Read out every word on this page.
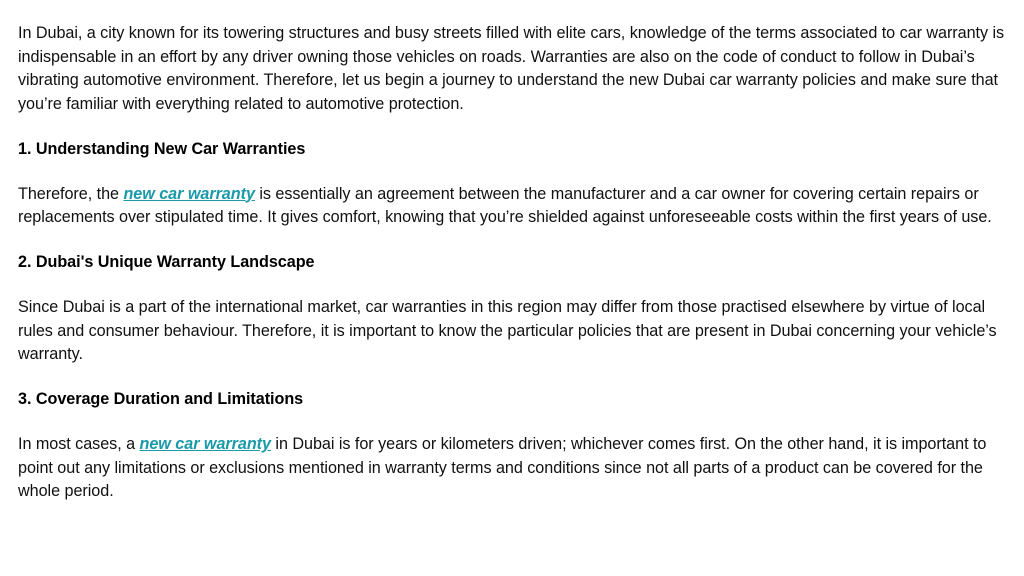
In Dubai, a city known for its towering structures and busy streets filled with elite cars, knowledge of the terms associated to car warranty is indispensable in an effort by any driver owning those vehicles on roads. Warranties are also on the code of conduct to follow in Dubai’s vibrating automotive environment. Therefore, let us begin a journey to understand the new Dubai car warranty policies and make sure that you’re familiar with everything related to automotive protection.

1. Understanding New Car Warranties

Therefore, the new car warranty is essentially an agreement between the manufacturer and a car owner for covering certain repairs or replacements over stipulated time. It gives comfort, knowing that you’re shielded against unforeseeable costs within the first years of use.

2. Dubai's Unique Warranty Landscape

Since Dubai is a part of the international market, car warranties in this region may differ from those practised elsewhere by virtue of local rules and consumer behaviour. Therefore, it is important to know the particular policies that are present in Dubai concerning your vehicle’s warranty.

3. Coverage Duration and Limitations

In most cases, a new car warranty in Dubai is for years or kilometers driven; whichever comes first. On the other hand, it is important to point out any limitations or exclusions mentioned in warranty terms and conditions since not all parts of a product can be covered for the whole period.
